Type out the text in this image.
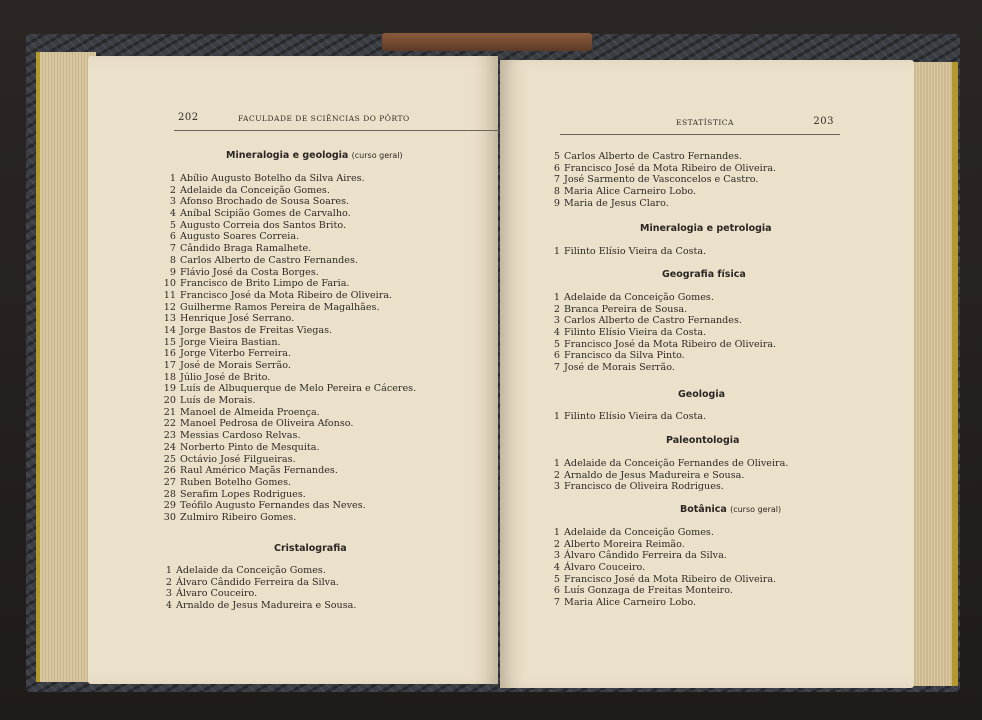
202	FACULDADE DE SCIÊNCIAS DO PÔRTO
Mineralogia e geologia (curso geral)
1 Abílio Augusto Botelho da Silva Aires.
2 Adelaide da Conceição Gomes.
3 Afonso Brochado de Sousa Soares.
4 Aníbal Scipião Gomes de Carvalho.
5 Augusto Correia dos Santos Brito.
6 Augusto Soares Correia.
7 Cândido Braga Ramalhete.
8 Carlos Alberto de Castro Fernandes.
9 Flávio José da Costa Borges.
10 Francisco de Brito Limpo de Faria.
11 Francisco José da Mota Ribeiro de Oliveira.
12 Guilherme Ramos Pereira de Magalhães.
13 Henrique José Serrano.
14 Jorge Bastos de Freitas Viegas.
15 Jorge Vieira Bastian.
16 Jorge Viterbo Ferreira.
17 José de Morais Serrão.
18 Júlio José de Brito.
19 Luís de Albuquerque de Melo Pereira e Cáceres.
20 Luís de Morais.
21 Manoel de Almeida Proença.
22 Manoel Pedrosa de Oliveira Afonso.
23 Messias Cardoso Relvas.
24 Norberto Pinto de Mesquita.
25 Octávio José Filgueiras.
26 Raul Américo Maçãs Fernandes.
27 Ruben Botelho Gomes.
28 Serafim Lopes Rodrigues.
29 Teófilo Augusto Fernandes das Neves.
30 Zulmiro Ribeiro Gomes.
Cristalografia
1 Adelaide da Conceição Gomes.
2 Álvaro Cândido Ferreira da Silva.
3 Álvaro Couceiro.
4 Arnaldo de Jesus Madureira e Sousa.
ESTATÍSTICA	203
5 Carlos Alberto de Castro Fernandes.
6 Francisco José da Mota Ribeiro de Oliveira.
7 José Sarmento de Vasconcelos e Castro.
8 Maria Alice Carneiro Lobo.
9 Maria de Jesus Claro.
Mineralogia e petrologia
1 Filinto Elísio Vieira da Costa.
Geografia física
1 Adelaide da Conceição Gomes.
2 Branca Pereira de Sousa.
3 Carlos Alberto de Castro Fernandes.
4 Filinto Elísio Vieira da Costa.
5 Francisco José da Mota Ribeiro de Oliveira.
6 Francisco da Silva Pinto.
7 José de Morais Serrão.
Geologia
1 Filinto Elísio Vieira da Costa.
Paleontologia
1 Adelaide da Conceição Fernandes de Oliveira.
2 Arnaldo de Jesus Madureira e Sousa.
3 Francisco de Oliveira Rodrigues.
Botânica (curso geral)
1 Adelaide da Conceição Gomes.
2 Alberto Moreira Reimão.
3 Álvaro Cândido Ferreira da Silva.
4 Álvaro Couceiro.
5 Francisco José da Mota Ribeiro de Oliveira.
6 Luís Gonzaga de Freitas Monteiro.
7 Maria Alice Carneiro Lobo.
